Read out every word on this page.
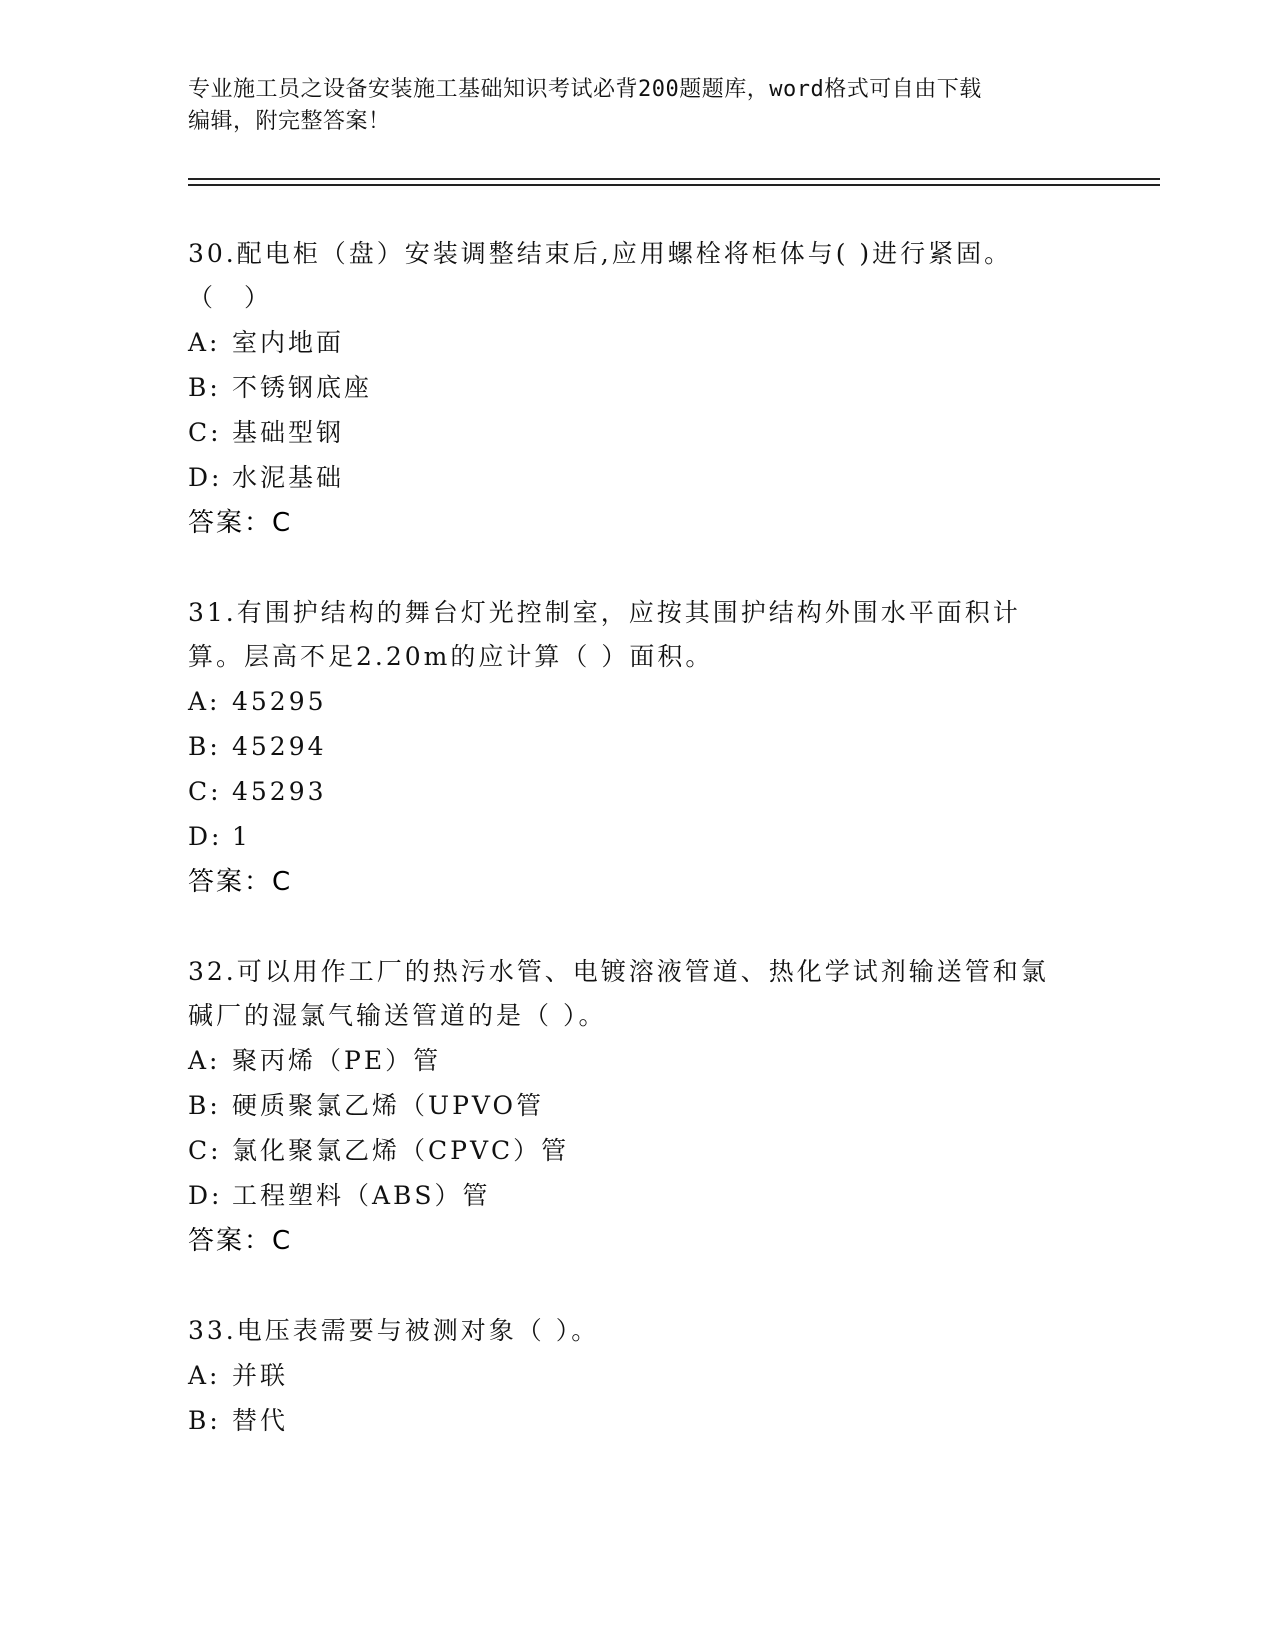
专业施工员之设备安装施工基础知识考试必背200题题库，word格式可自由下载
编辑，附完整答案！

30.配电柜（盘）安装调整结束后,应用螺栓将柜体与( )进行紧固。（　）

A: 室内地面

B: 不锈钢底座

C: 基础型钢

D: 水泥基础

答案：C

31.有围护结构的舞台灯光控制室，应按其围护结构外围水平面积计算。层高不足2.20m的应计算（ ）面积。

A: 45295

B: 45294

C: 45293

D: 1

答案：C

32.可以用作工厂的热污水管、电镀溶液管道、热化学试剂输送管和氯碱厂的湿氯气输送管道的是（ ）。

A: 聚丙烯（PE）管

B: 硬质聚氯乙烯（UPVO管

C: 氯化聚氯乙烯（CPVC）管

D: 工程塑料（ABS）管

答案：C

33.电压表需要与被测对象（ ）。

A: 并联

B: 替代
